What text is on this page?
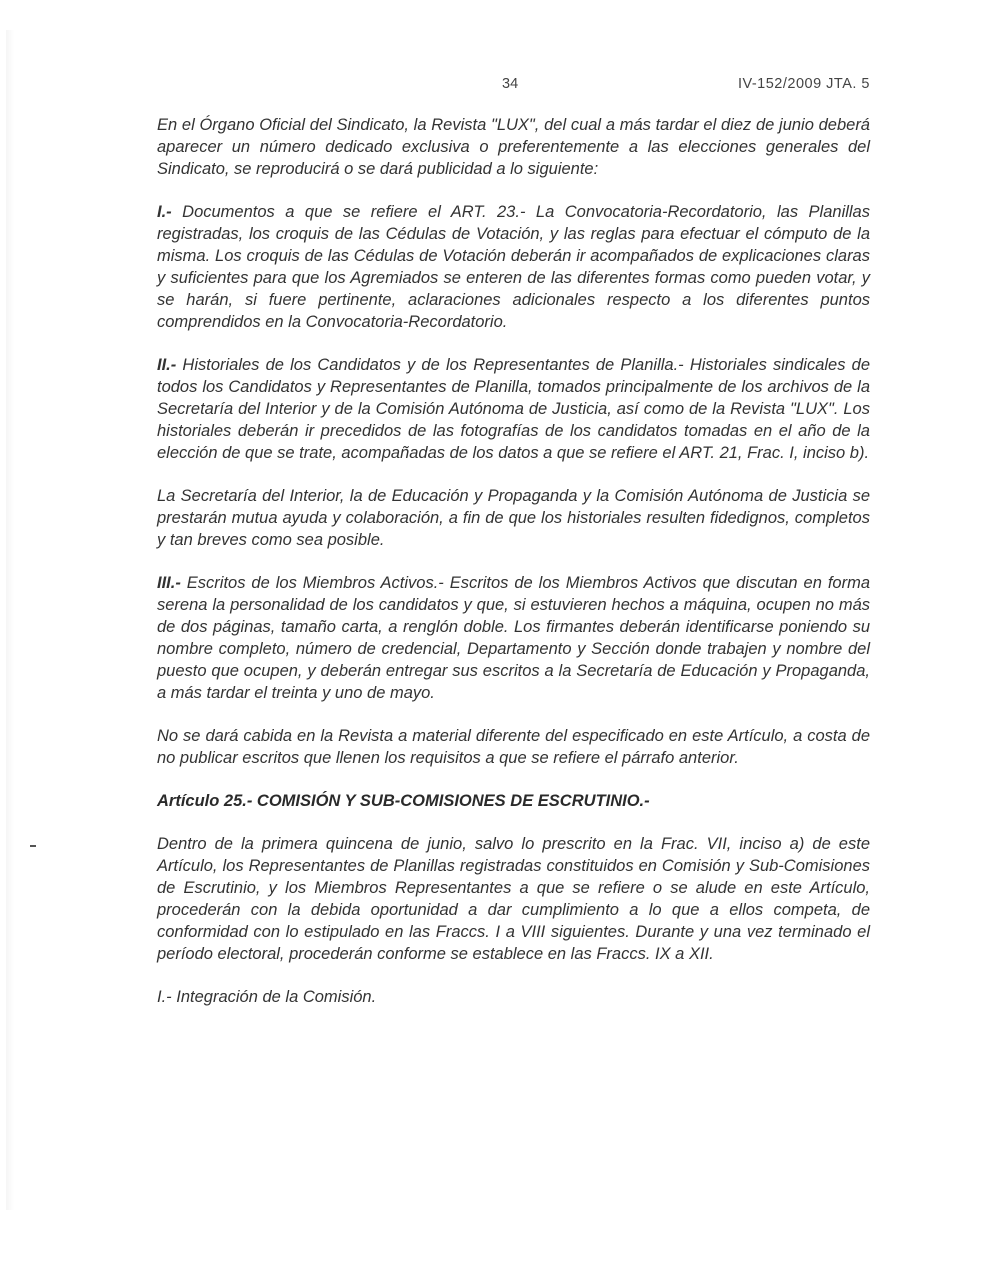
34	IV-152/2009 JTA. 5

En el Órgano Oficial del Sindicato, la Revista "LUX", del cual a más tardar el diez de junio deberá aparecer un número dedicado exclusiva o preferentemente a las elecciones generales del Sindicato, se reproducirá o se dará publicidad a lo siguiente:

I.- Documentos a que se refiere el ART. 23.- La Convocatoria-Recordatorio, las Planillas registradas, los croquis de las Cédulas de Votación, y las reglas para efectuar el cómputo de la misma. Los croquis de las Cédulas de Votación deberán ir acompañados de explicaciones claras y suficientes para que los Agremiados se enteren de las diferentes formas como pueden votar, y se harán, si fuere pertinente, aclaraciones adicionales respecto a los diferentes puntos comprendidos en la Convocatoria-Recordatorio.

II.- Historiales de los Candidatos y de los Representantes de Planilla.- Historiales sindicales de todos los Candidatos y Representantes de Planilla, tomados principalmente de los archivos de la Secretaría del Interior y de la Comisión Autónoma de Justicia, así como de la Revista "LUX". Los historiales deberán ir precedidos de las fotografías de los candidatos tomadas en el año de la elección de que se trate, acompañadas de los datos a que se refiere el ART. 21, Frac. I, inciso b).

La Secretaría del Interior, la de Educación y Propaganda y la Comisión Autónoma de Justicia se prestarán mutua ayuda y colaboración, a fin de que los historiales resulten fidedignos, completos y tan breves como sea posible.

III.- Escritos de los Miembros Activos.- Escritos de los Miembros Activos que discutan en forma serena la personalidad de los candidatos y que, si estuvieren hechos a máquina, ocupen no más de dos páginas, tamaño carta, a renglón doble. Los firmantes deberán identificarse poniendo su nombre completo, número de credencial, Departamento y Sección donde trabajen y nombre del puesto que ocupen, y deberán entregar sus escritos a la Secretaría de Educación y Propaganda, a más tardar el treinta y uno de mayo.

No se dará cabida en la Revista a material diferente del especificado en este Artículo, a costa de no publicar escritos que llenen los requisitos a que se refiere el párrafo anterior.

Artículo 25.- COMISIÓN Y SUB-COMISIONES DE ESCRUTINIO.-

Dentro de la primera quincena de junio, salvo lo prescrito en la Frac. VII, inciso a) de este Artículo, los Representantes de Planillas registradas constituidos en Comisión y Sub-Comisiones de Escrutinio, y los Miembros Representantes a que se refiere o se alude en este Artículo, procederán con la debida oportunidad a dar cumplimiento a lo que a ellos competa, de conformidad con lo estipulado en las Fraccs. I a VIII siguientes. Durante y una vez terminado el período electoral, procederán conforme se establece en las Fraccs. IX a XII.

I.- Integración de la Comisión.
